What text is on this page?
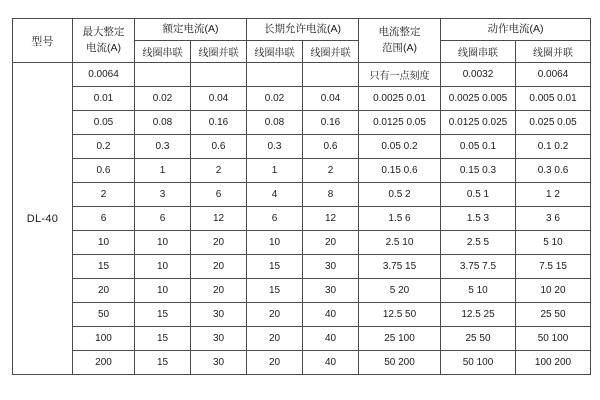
型号	
最大整定
电流(A)
	额定电流(A)	长期允许电流(A)	电流整定
范围(A)
	动作电流(A)
		线圈串联	线圈并联	线圈串联	线圈并联		线圈串联	线圈并联
DL-40	0.0064					只有一点刻度	0.0032	0.0064
	0.01	0.02	0.04	0.02	0.04	0.0025 0.01	0.0025 0.005	0.005 0.01
	0.05	0.08	0.16	0.08	0.16	0.0125 0.05	0.0125 0.025	0.025 0.05
	0.2	0.3	0.6	0.3	0.6	0.05 0.2	0.05 0.1	0.1 0.2
	0.6	1	2	1	2	0.15 0.6	0.15 0.3	0.3 0.6
	2	3	6	4	8	0.5 2	0.5 1	1 2
	6	6	12	6	12	1.5 6	1.5 3	3 6
	10	10	20	10	20	2.5 10	2.5 5	5 10
	15	10	20	15	30	3.75 15	3.75 7.5	7.5 15
	20	10	20	15	30	5 20	5 10	10 20
	50	15	30	20	40	12.5 50	12.5 25	25 50
	100	15	30	20	40	25 100	25 50	50 100
	200	15	30	20	40	50 200	50 100	100 200
